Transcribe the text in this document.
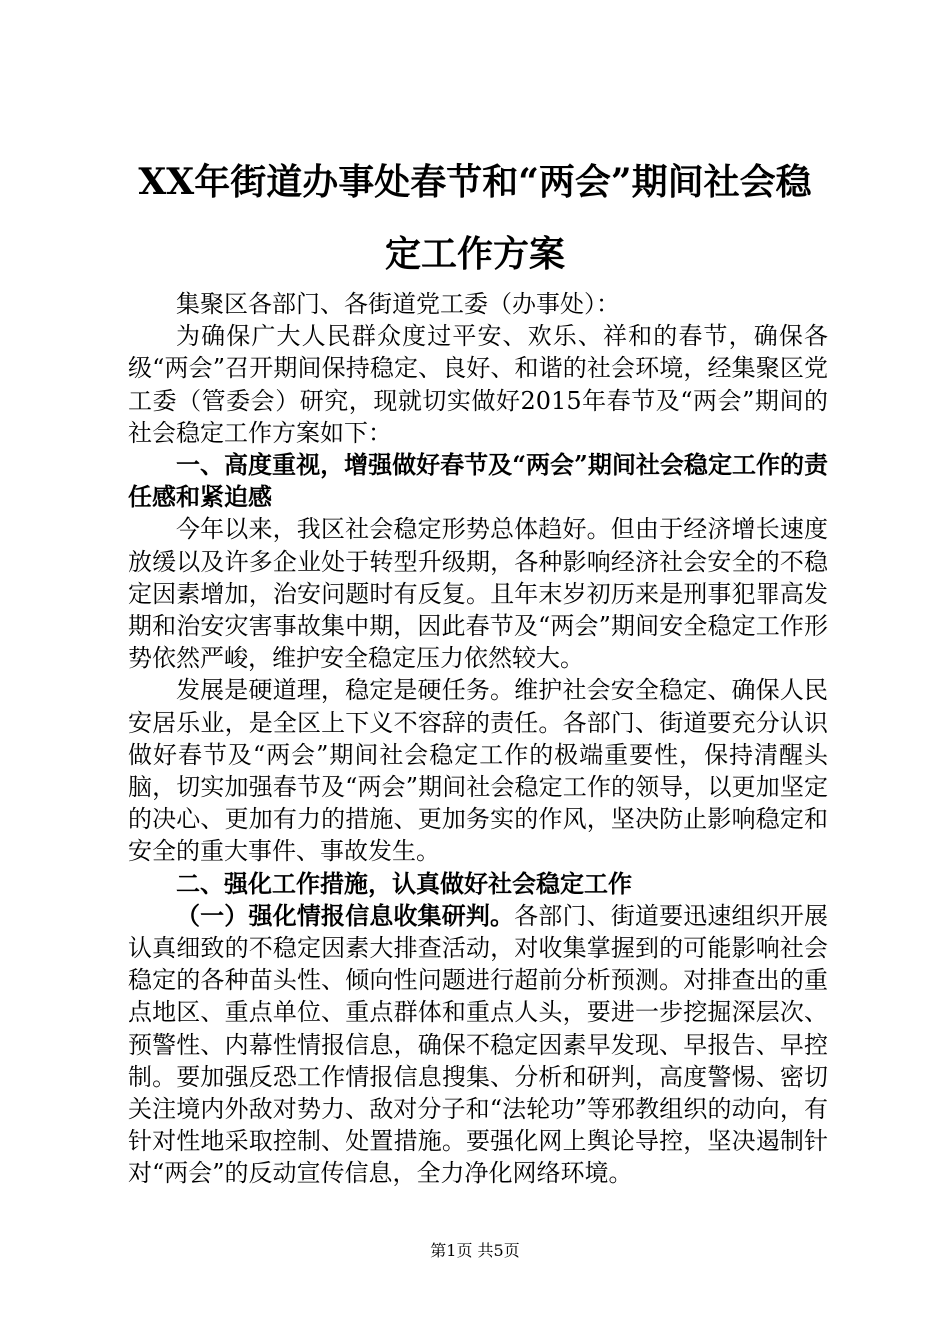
XX年街道办事处春节和“两会”期间社会稳
定工作方案

集聚区各部门、各街道党工委（办事处）：

为确保广大人民群众度过平安、欢乐、祥和的春节，确保各级“两会”召开期间保持稳定、良好、和谐的社会环境，经集聚区党工委（管委会）研究，现就切实做好2015年春节及“两会”期间的社会稳定工作方案如下：

一、高度重视，增强做好春节及“两会”期间社会稳定工作的责任感和紧迫感

今年以来，我区社会稳定形势总体趋好。但由于经济增长速度放缓以及许多企业处于转型升级期，各种影响经济社会安全的不稳定因素增加，治安问题时有反复。且年末岁初历来是刑事犯罪高发期和治安灾害事故集中期，因此春节及“两会”期间安全稳定工作形势依然严峻，维护安全稳定压力依然较大。

发展是硬道理，稳定是硬任务。维护社会安全稳定、确保人民安居乐业，是全区上下义不容辞的责任。各部门、街道要充分认识做好春节及“两会”期间社会稳定工作的极端重要性，保持清醒头脑，切实加强春节及“两会”期间社会稳定工作的领导，以更加坚定的决心、更加有力的措施、更加务实的作风，坚决防止影响稳定和安全的重大事件、事故发生。

二、强化工作措施，认真做好社会稳定工作

（一）强化情报信息收集研判。各部门、街道要迅速组织开展认真细致的不稳定因素大排查活动，对收集掌握到的可能影响社会稳定的各种苗头性、倾向性问题进行超前分析预测。对排查出的重点地区、重点单位、重点群体和重点人头，要进一步挖掘深层次、预警性、内幕性情报信息，确保不稳定因素早发现、早报告、早控制。要加强反恐工作情报信息搜集、分析和研判，高度警惕、密切关注境内外敌对势力、敌对分子和“法轮功”等邪教组织的动向，有针对性地采取控制、处置措施。要强化网上舆论导控，坚决遏制针对“两会”的反动宣传信息，全力净化网络环境。

第1页 共5页
